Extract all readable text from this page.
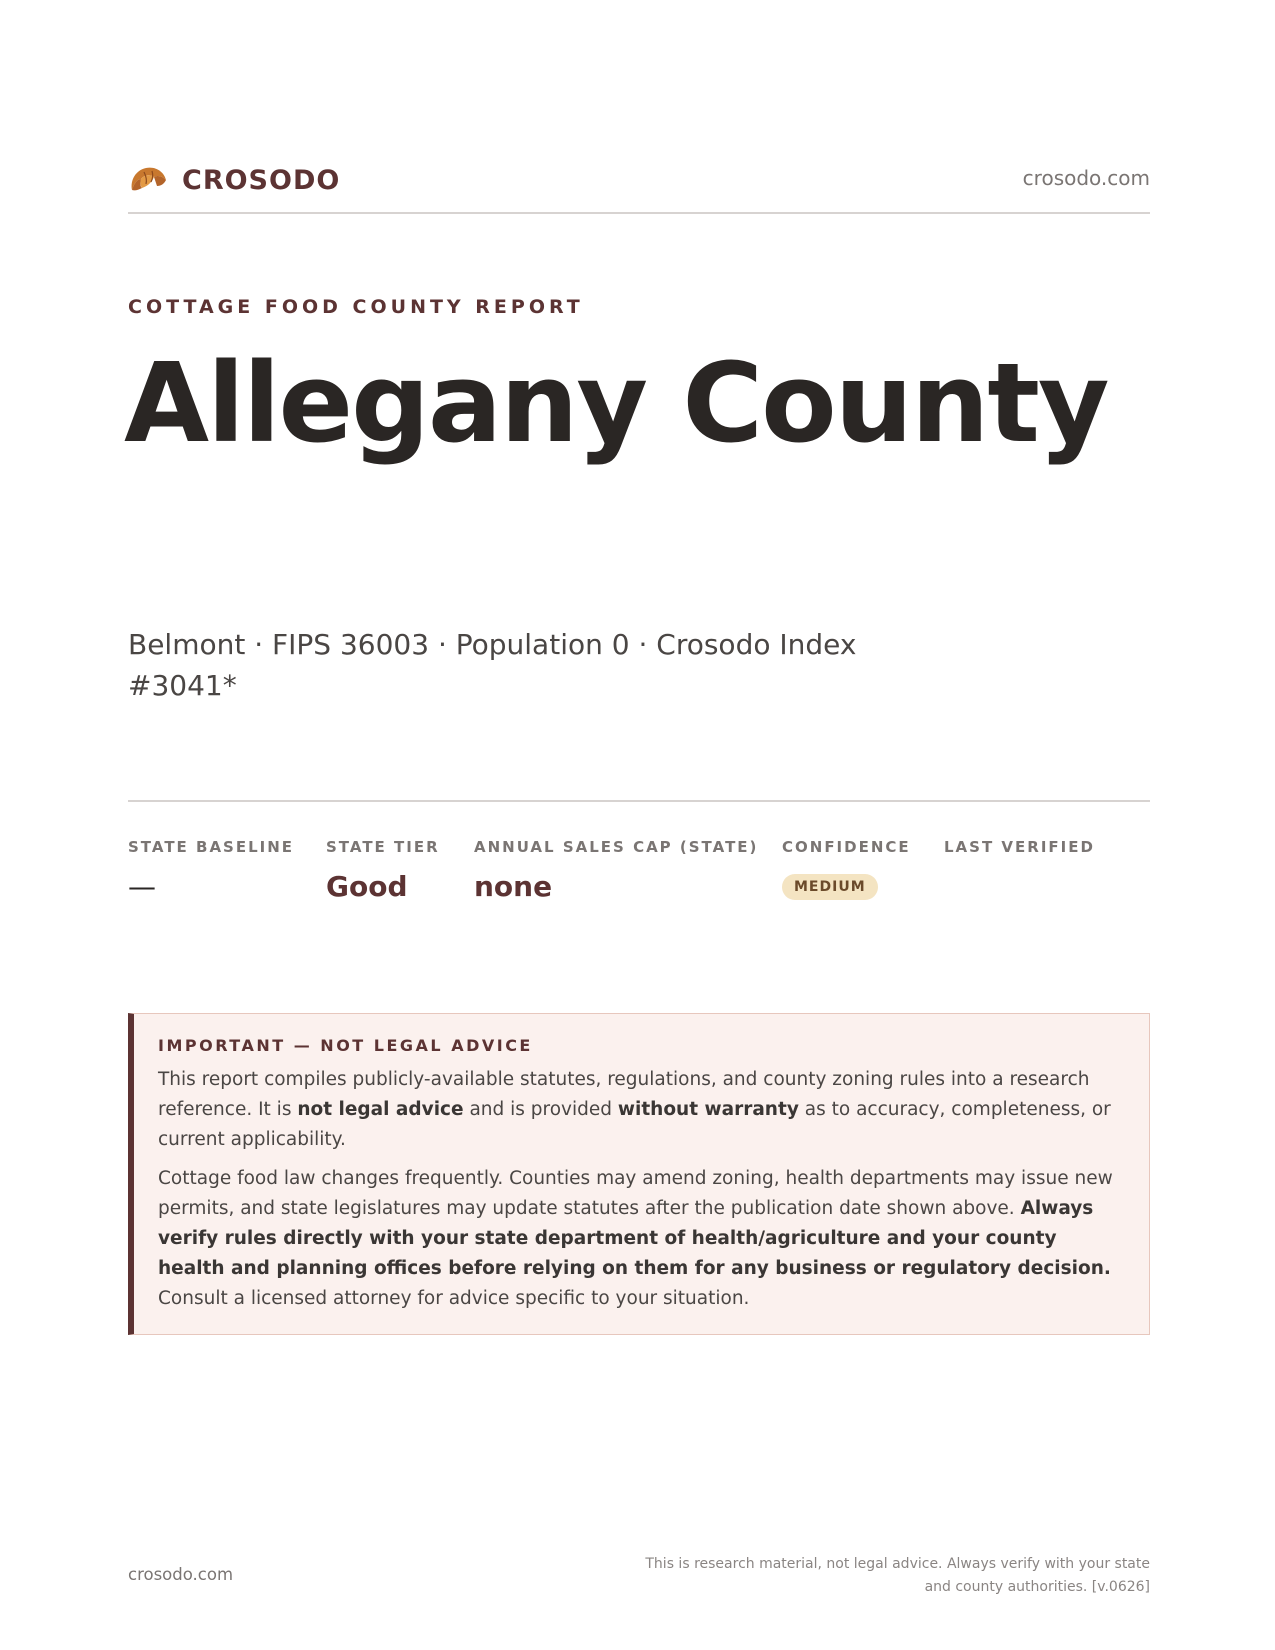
CROSODO	crosodo.com
COTTAGE FOOD COUNTY REPORT
Allegany County
Belmont · FIPS 36003 · Population 0 · Crosodo Index #3041*
STATE BASELINE
—
STATE TIER
Good
ANNUAL SALES CAP (STATE)
none
CONFIDENCE
MEDIUM
LAST VERIFIED
IMPORTANT — NOT LEGAL ADVICE

This report compiles publicly-available statutes, regulations, and county zoning rules into a research reference. It is not legal advice and is provided without warranty as to accuracy, completeness, or current applicability.

Cottage food law changes frequently. Counties may amend zoning, health departments may issue new permits, and state legislatures may update statutes after the publication date shown above. Always verify rules directly with your state department of health/agriculture and your county health and planning offices before relying on them for any business or regulatory decision. Consult a licensed attorney for advice specific to your situation.

crosodo.com
This is research material, not legal advice. Always verify with your state
and county authorities. [v.0626]
